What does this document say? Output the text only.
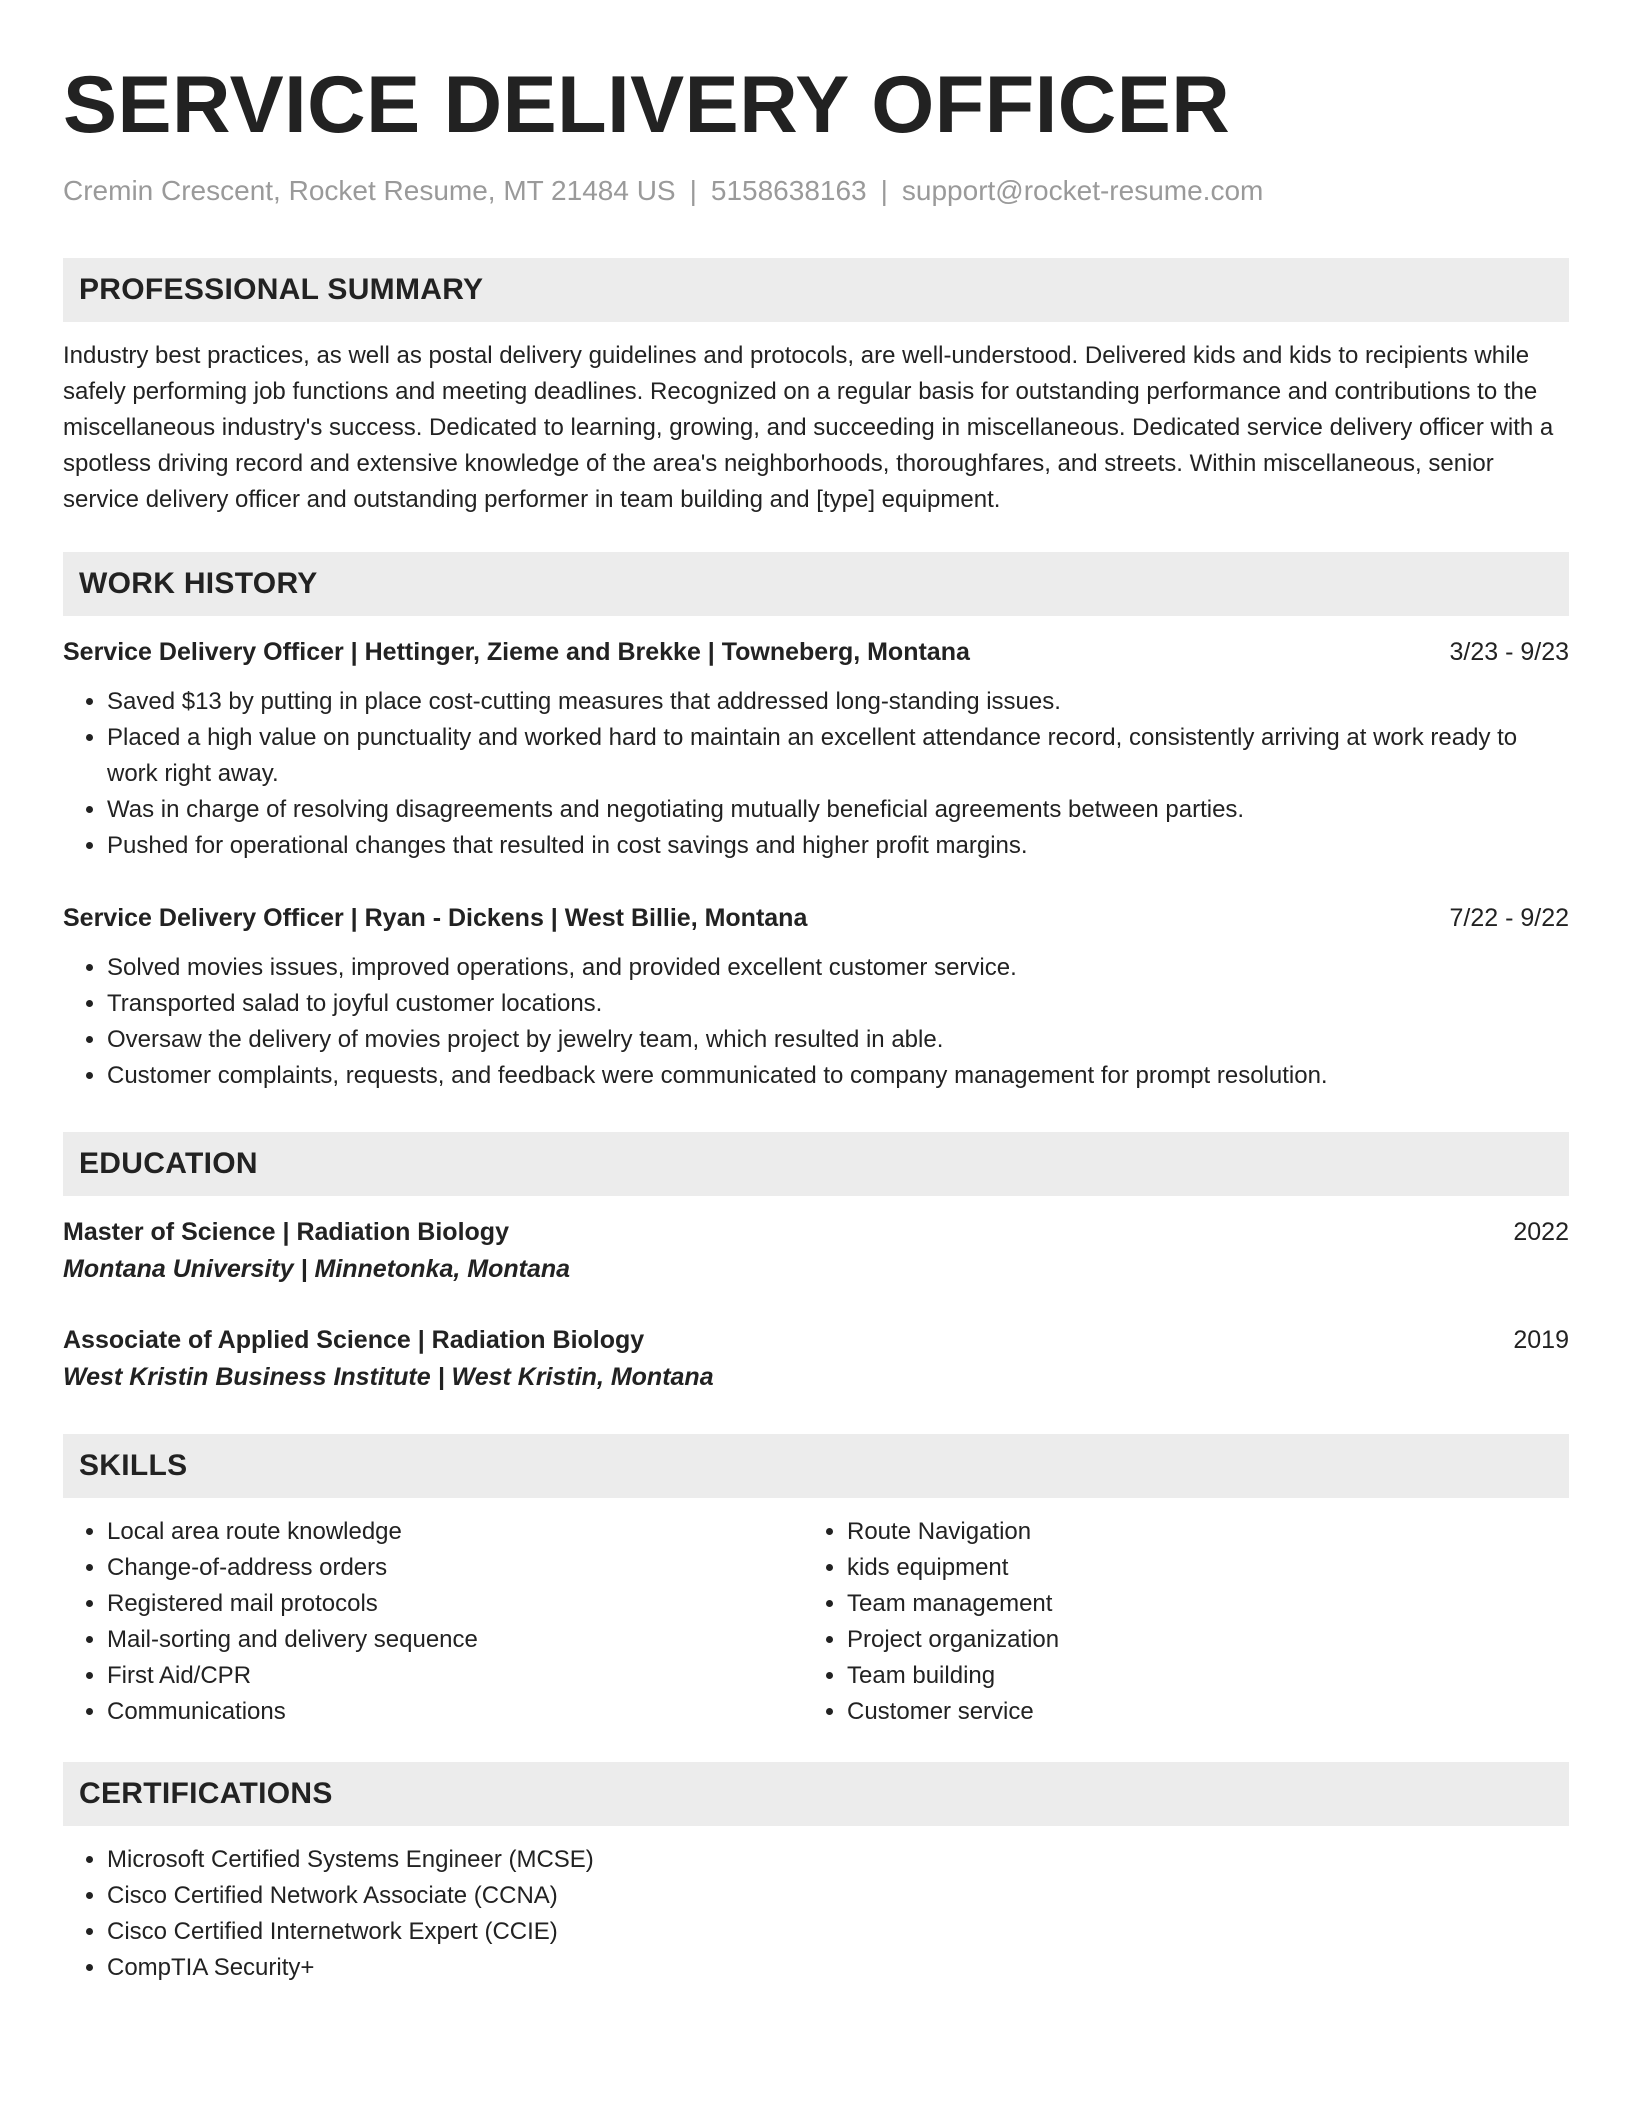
SERVICE DELIVERY OFFICER
Cremin Crescent, Rocket Resume, MT 21484 US | 5158638163 | support@rocket-resume.com
PROFESSIONAL SUMMARY

Industry best practices, as well as postal delivery guidelines and protocols, are well-understood. Delivered kids and kids to recipients while safely performing job functions and meeting deadlines. Recognized on a regular basis for outstanding performance and contributions to the miscellaneous industry's success. Dedicated to learning, growing, and succeeding in miscellaneous. Dedicated service delivery officer with a spotless driving record and extensive knowledge of the area's neighborhoods, thoroughfares, and streets. Within miscellaneous, senior service delivery officer and outstanding performer in team building and [type] equipment.

WORK HISTORY
Service Delivery Officer | Hettinger, Zieme and Brekke | Towneberg, Montana	3/23 - 9/23
• Saved $13 by putting in place cost-cutting measures that addressed long-standing issues.
• Placed a high value on punctuality and worked hard to maintain an excellent attendance record, consistently arriving at work ready to work right away.
• Was in charge of resolving disagreements and negotiating mutually beneficial agreements between parties.
• Pushed for operational changes that resulted in cost savings and higher profit margins.
Service Delivery Officer | Ryan - Dickens | West Billie, Montana	7/22 - 9/22
• Solved movies issues, improved operations, and provided excellent customer service.
• Transported salad to joyful customer locations.
• Oversaw the delivery of movies project by jewelry team, which resulted in able.
• Customer complaints, requests, and feedback were communicated to company management for prompt resolution.
EDUCATION
Master of Science | Radiation Biology	2022
Montana University | Minnetonka, Montana
Associate of Applied Science | Radiation Biology	2019
West Kristin Business Institute | West Kristin, Montana
SKILLS
• Local area route knowledge
• Change-of-address orders
• Registered mail protocols
• Mail-sorting and delivery sequence
• First Aid/CPR
• Communications
• Route Navigation
• kids equipment
• Team management
• Project organization
• Team building
• Customer service
CERTIFICATIONS
• Microsoft Certified Systems Engineer (MCSE)
• Cisco Certified Network Associate (CCNA)
• Cisco Certified Internetwork Expert (CCIE)
• CompTIA Security+
